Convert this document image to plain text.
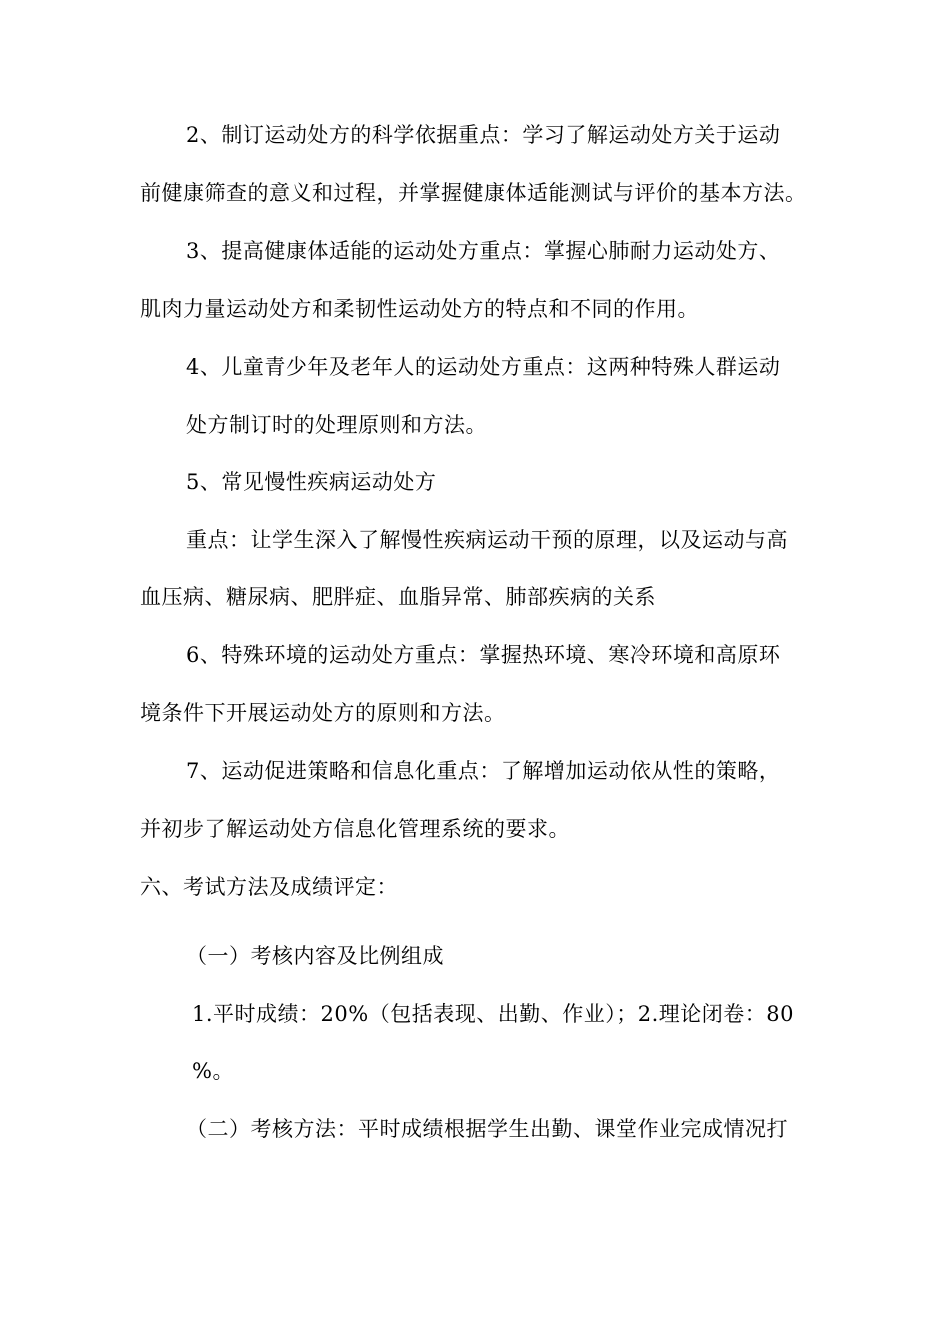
2、制订运动处方的科学依据重点：学习了解运动处方关于运动
前健康筛查的意义和过程，并掌握健康体适能测试与评价的基本方法。
3、提高健康体适能的运动处方重点：掌握心肺耐力运动处方、
肌肉力量运动处方和柔韧性运动处方的特点和不同的作用。
4、儿童青少年及老年人的运动处方重点：这两种特殊人群运动
处方制订时的处理原则和方法。
5、常见慢性疾病运动处方
重点：让学生深入了解慢性疾病运动干预的原理，以及运动与高
血压病、糖尿病、肥胖症、血脂异常、肺部疾病的关系
6、特殊环境的运动处方重点：掌握热环境、寒冷环境和高原环
境条件下开展运动处方的原则和方法。
7、运动促进策略和信息化重点：了解增加运动依从性的策略，
并初步了解运动处方信息化管理系统的要求。
六、考试方法及成绩评定：
（一）考核内容及比例组成
1.平时成绩：20%（包括表现、出勤、作业）；2.理论闭卷：80
%。
（二）考核方法：平时成绩根据学生出勤、课堂作业完成情况打
